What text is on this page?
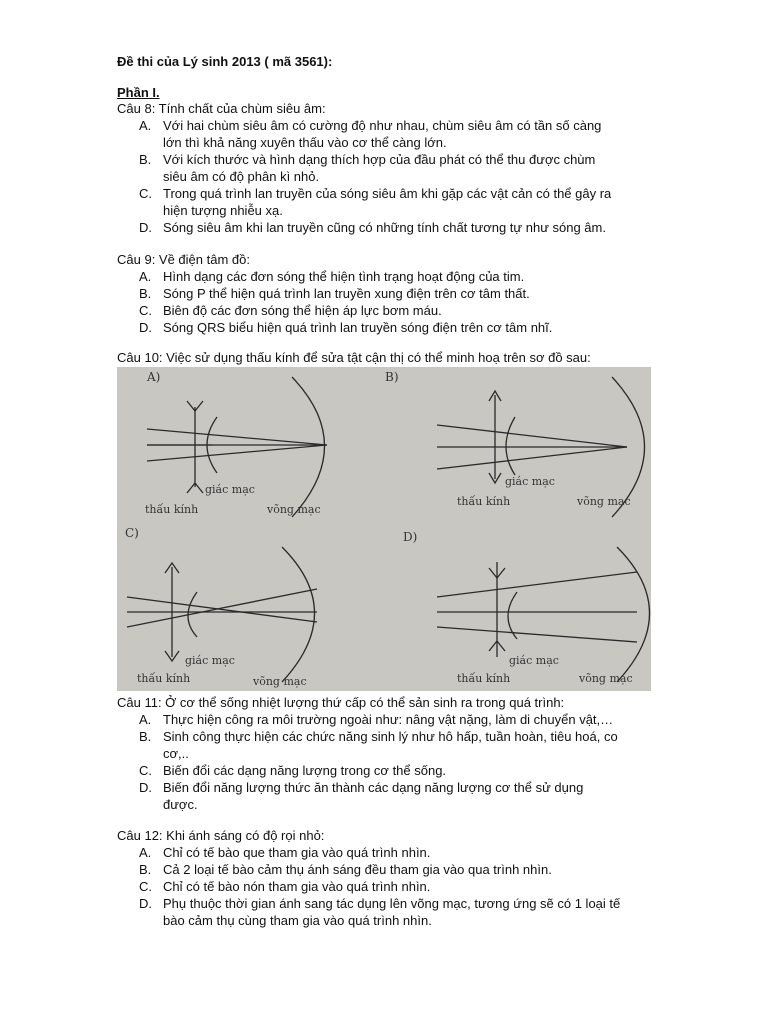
Đề thi của Lý sinh 2013 ( mã 3561):
Phần I.
Câu 8: Tính chất của chùm siêu âm:
A. Với hai chùm siêu âm có cường độ như nhau, chùm siêu âm có tần số càng
lớn thì khả năng xuyên thấu vào cơ thể càng lớn.
B. Với kích thước và hình dạng thích hợp của đầu phát có thể thu được chùm
siêu âm có độ phân kì nhỏ.
C. Trong quá trình lan truyền của sóng siêu âm khi gặp các vật cản có thể gây ra
hiện tượng nhiễu xạ.
D. Sóng siêu âm khi lan truyền cũng có những tính chất tương tự như sóng âm.
Câu 9: Về điện tâm đồ:
A. Hình dạng các đơn sóng thể hiện tình trạng hoạt động của tim.
B. Sóng P thể hiện quá trình lan truyền xung điện trên cơ tâm thất.
C. Biên độ các đơn sóng thể hiện áp lực bơm máu.
D. Sóng QRS biểu hiện quá trình lan truyền sóng điện trên cơ tâm nhĩ.
Câu 10: Việc sử dụng thấu kính để sửa tật cận thị có thể minh hoạ trên sơ đồ sau:
A)
giác mạc
thấu kính	võng mạc
B)
giác mạc
thấu kính	võng mạc
C)
giác mạc
thấu kính	võng mạc
D)
giác mạc
thấu kính	võng mạc
Câu 11: Ở cơ thể sống nhiệt lượng thứ cấp có thể sản sinh ra trong quá trình:
A. Thực hiện công ra môi trường ngoài như: nâng vật nặng, làm di chuyển vật,…
B. Sinh công thực hiện các chức năng sinh lý như hô hấp, tuần hoàn, tiêu hoá, co
cơ,..
C. Biến đổi các dạng năng lượng trong cơ thể sống.
D. Biến đổi năng lượng thức ăn thành các dạng năng lượng cơ thể sử dụng
được.
Câu 12: Khi ánh sáng có độ rọi nhỏ:
A. Chỉ có tế bào que tham gia vào quá trình nhìn.
B. Cả 2 loại tế bào cảm thụ ánh sáng đều tham gia vào qua trình nhìn.
C. Chỉ có tế bào nón tham gia vào quá trình nhìn.
D. Phụ thuộc thời gian ánh sang tác dụng lên võng mạc, tương ứng sẽ có 1 loại tế
bào cảm thụ cùng tham gia vào quá trình nhìn.
